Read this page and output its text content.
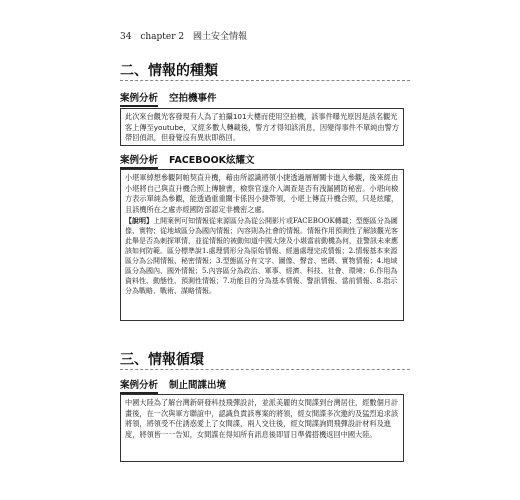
34 chapter 2 國土安全情報
二、情報的種類
案例分析 空拍機事件

此次來台觀光客發現有人為了拍攝101大樓而使用空拍機，該事件曝光原因是該名觀光客上傳至youtube，又經多數人轉載後，警方才得知該消息，因變得事件不單純由警方帶回偵訊，但發覺沒有異狀即飭回。

案例分析 FACEBOOK炫耀文

小堪軍綽想參觀阿帕契直升機，藉由所認識將領小捷透過層層關卡進入參觀，後來經由小堪將自己與直升機合照上傳臉書，檢察官遂介入調查是否有洩漏國防秘密。小堪向檢方表示單純為參觀，能透過重重關卡係因小捷帶領，小堪上傳直升機合照，只是炫耀，且該機所在之處亦經國防部認定非機密之處。

【說明】上開案例可知情報從來源區分為從公開影片或FACEBOOK轉載；型態區分為圖像、實物；從地域區分為國內情報；內容則為社會的情報。情報作用預測性了解該觀光客此舉是否為刺探軍情，並從情報的被動知道中國大陸及小堪當前動機為何，並警訊未來應該如何防範。區分標準說1.處理情形分為原始情報、經過處理完成情報；2.情報基本來源區分為公開情報、秘密情報；3.型態區分有文字、圖像、聲音、密碼、實物情報；4.地域區分為國內、國外情報；5.內容區分為政治、軍事、經濟、科技、社會、環境；6.作用為資料性、動態性、預測性情報；7.功能目的分為基本情報、警訊情報、當前情報、8.指示分為戰略、戰術、謀略情報。

三、情報循環
案例分析 制止間諜出境

中國大陸為了解台灣新研發科技飛彈設計，並派美麗的女間諜到台灣居住，經數個月計畫後，在一次與軍方聯誼中，認識負責該專案的將領，經女間諜多次邀約及猛烈追求該將領，將領受不住誘惑愛上了女間諜，兩人交往後，經女間諜詢問飛彈設計材料及進度，將領皆一一告知，女間諜在得知所有訊息後即冒日準備搭機返回中國大陸。
